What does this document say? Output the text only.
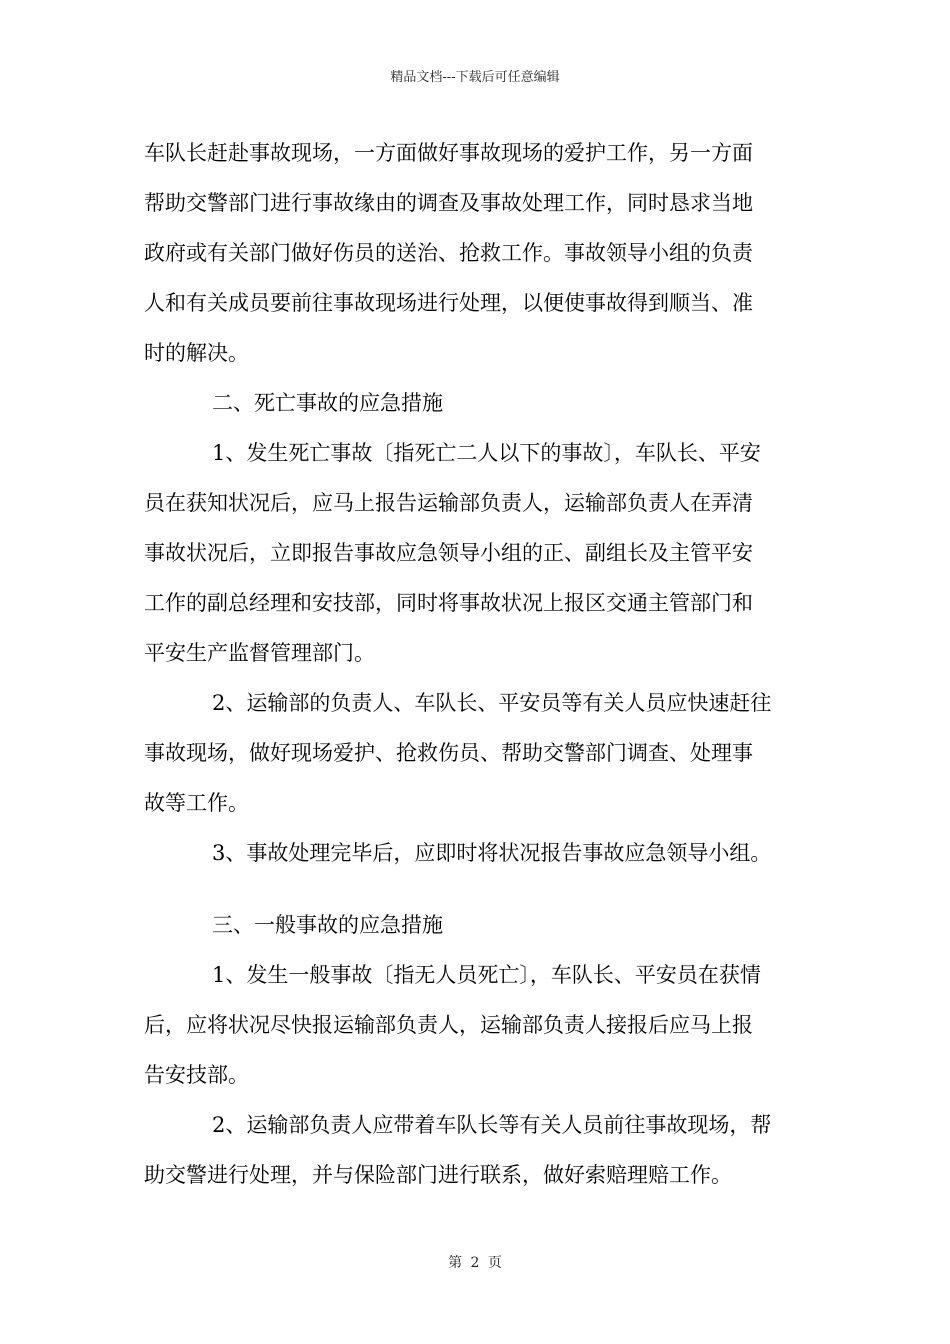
精品文档---下载后可任意编辑
车队长赶赴事故现场，一方面做好事故现场的爱护工作，另一方面
帮助交警部门进行事故缘由的调查及事故处理工作，同时恳求当地
政府或有关部门做好伤员的送治、抢救工作。事故领导小组的负责
人和有关成员要前往事故现场进行处理，以便使事故得到顺当、准
时的解决。
二、死亡事故的应急措施
1、发生死亡事故〔指死亡二人以下的事故〕，车队长、平安
员在获知状况后，应马上报告运输部负责人，运输部负责人在弄清
事故状况后，立即报告事故应急领导小组的正、副组长及主管平安
工作的副总经理和安技部，同时将事故状况上报区交通主管部门和
平安生产监督管理部门。
2、运输部的负责人、车队长、平安员等有关人员应快速赶往
事故现场，做好现场爱护、抢救伤员、帮助交警部门调查、处理事
故等工作。
3、事故处理完毕后，应即时将状况报告事故应急领导小组。
三、一般事故的应急措施
1、发生一般事故〔指无人员死亡〕，车队长、平安员在获情
后，应将状况尽快报运输部负责人，运输部负责人接报后应马上报
告安技部。
2、运输部负责人应带着车队长等有关人员前往事故现场，帮
助交警进行处理，并与保险部门进行联系，做好索赔理赔工作。
第 2 页
